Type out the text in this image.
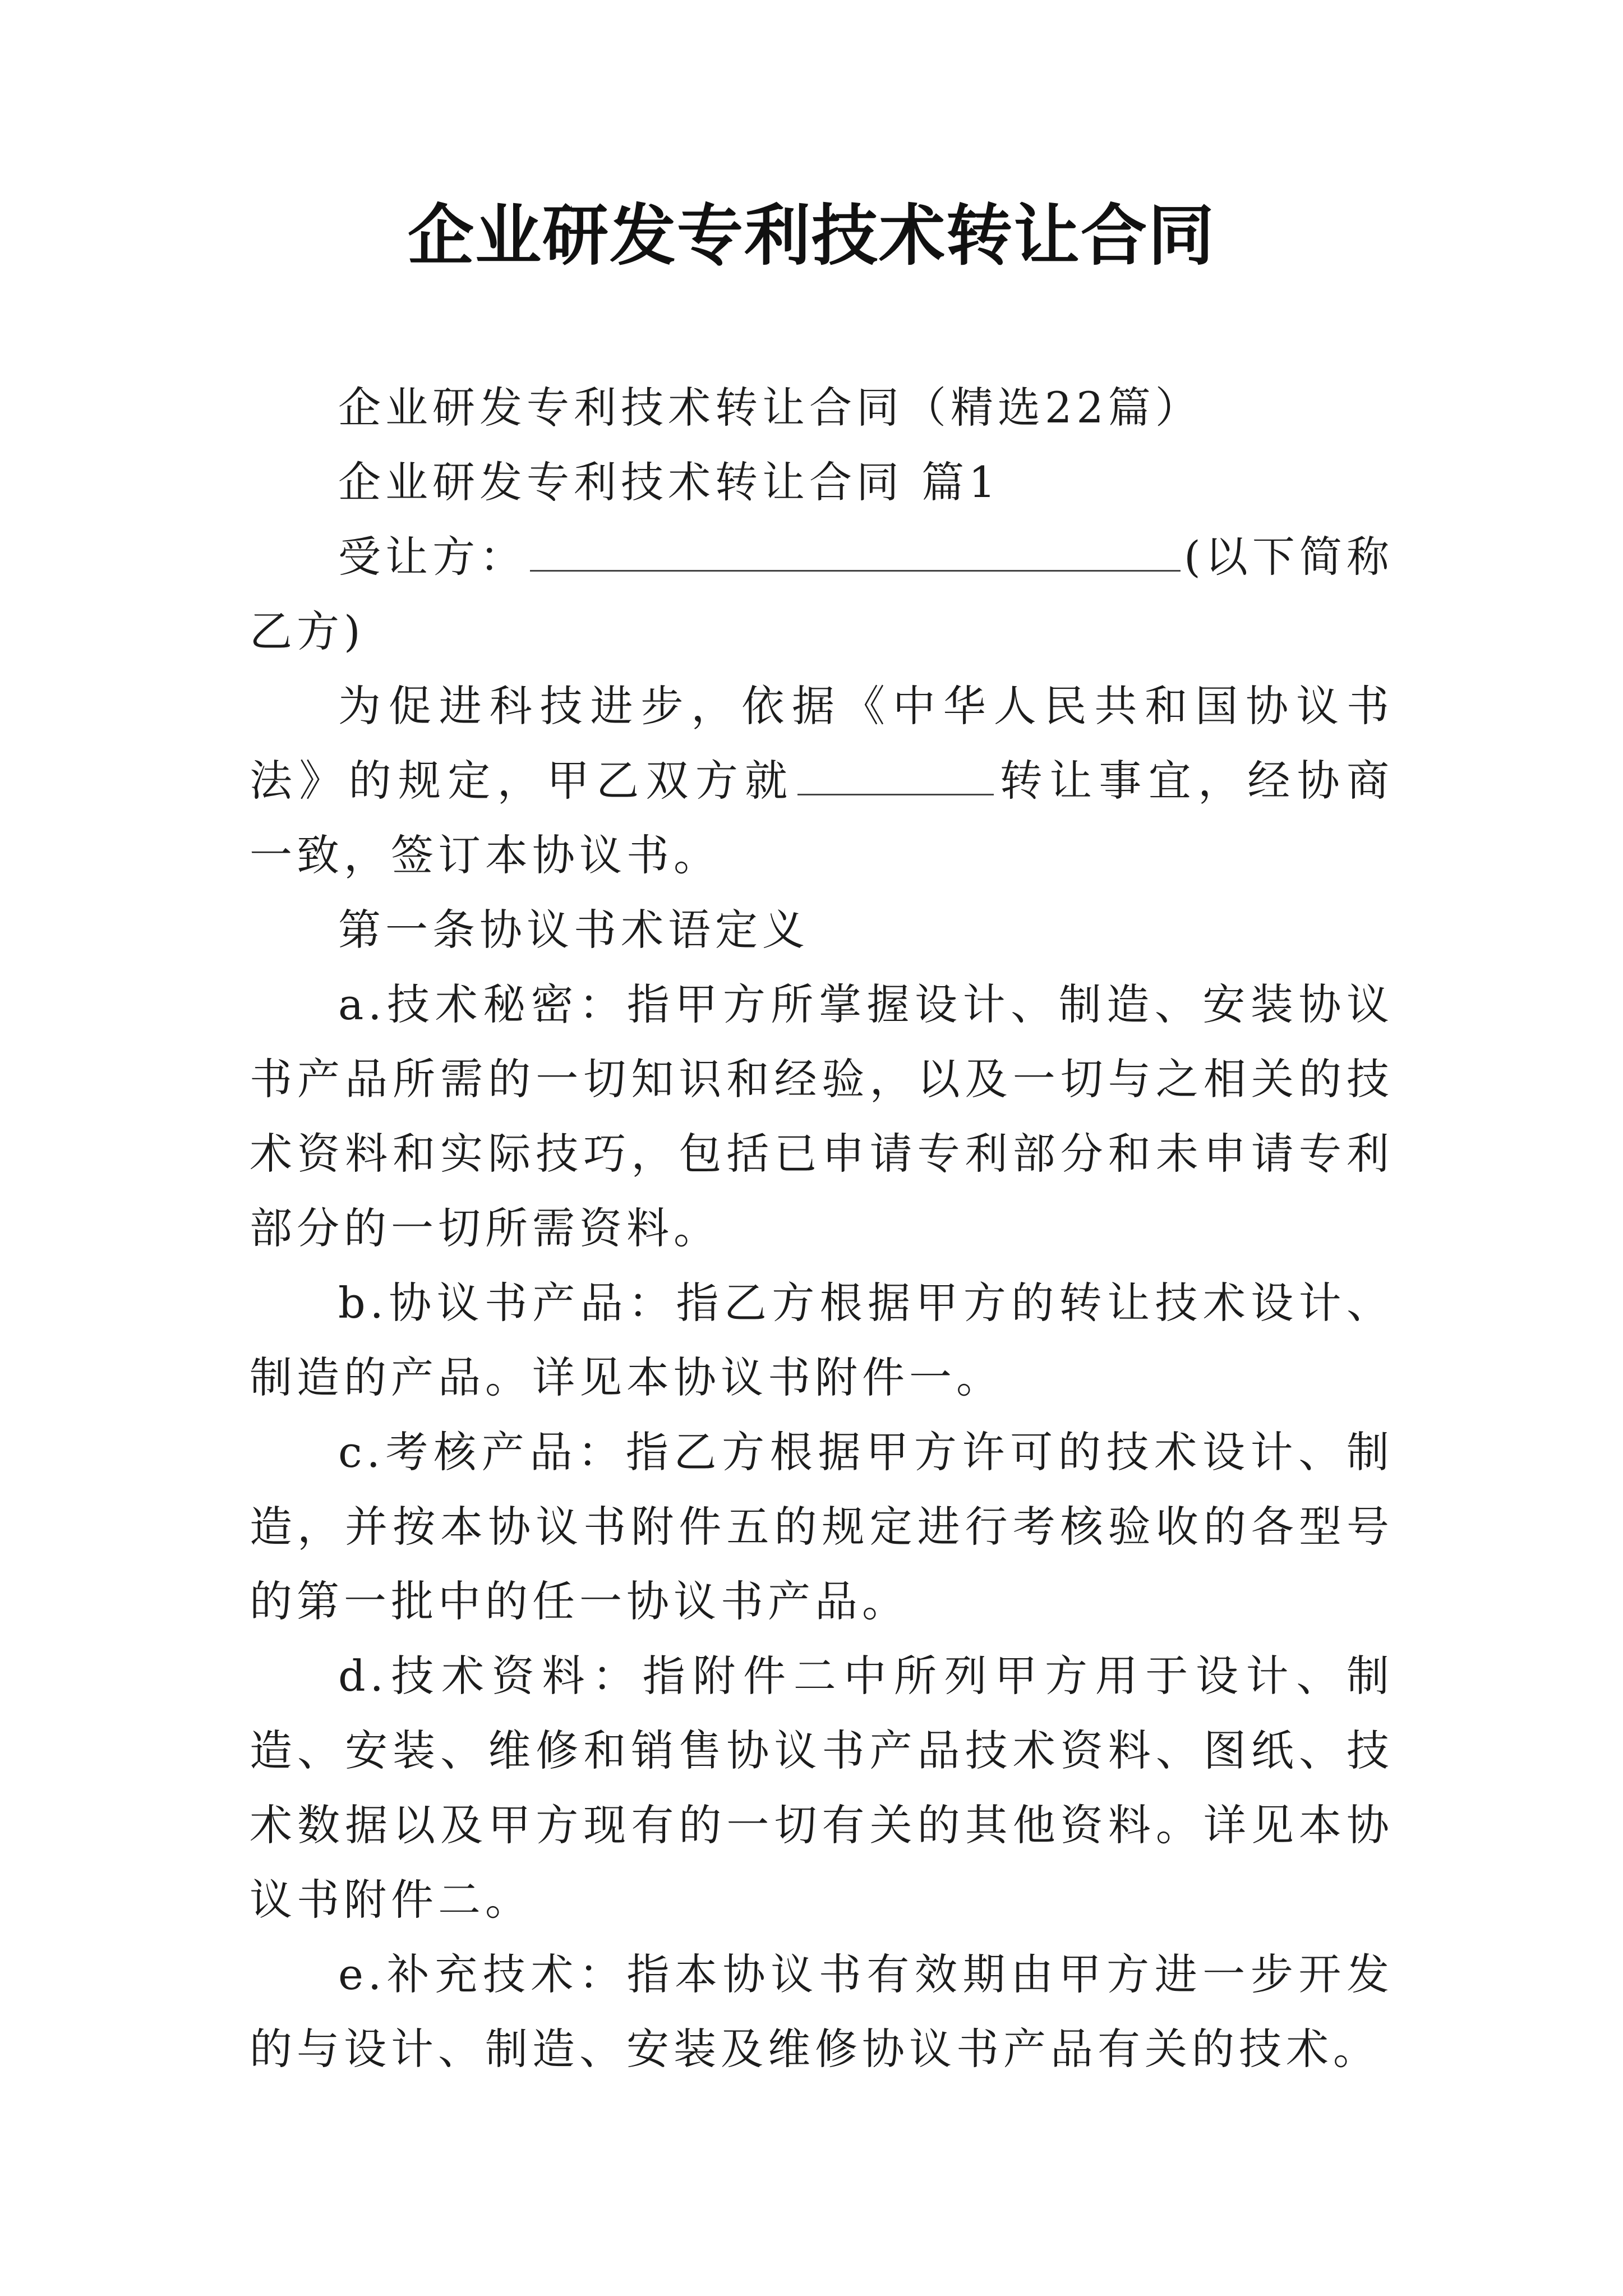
企业研发专利技术转让合同

企业研发专利技术转让合同（精选22篇）

企业研发专利技术转让合同 篇1

受让方：	(以下简称乙方)

为促进科技进步，依据《中华人民共和国协议书法》的规定，甲乙双方就	转让事宜，经协商一致，签订本协议书。

第一条协议书术语定义

a.技术秘密：指甲方所掌握设计、制造、安装协议书产品所需的一切知识和经验，以及一切与之相关的技术资料和实际技巧，包括已申请专利部分和未申请专利部分的一切所需资料。

b.协议书产品：指乙方根据甲方的转让技术设计、制造的产品。详见本协议书附件一。

c.考核产品：指乙方根据甲方许可的技术设计、制造，并按本协议书附件五的规定进行考核验收的各型号的第一批中的任一协议书产品。

d.技术资料：指附件二中所列甲方用于设计、制造、安装、维修和销售协议书产品技术资料、图纸、技术数据以及甲方现有的一切有关的其他资料。详见本协议书附件二。

e.补充技术：指本协议书有效期由甲方进一步开发的与设计、制造、安装及维修协议书产品有关的技术。
